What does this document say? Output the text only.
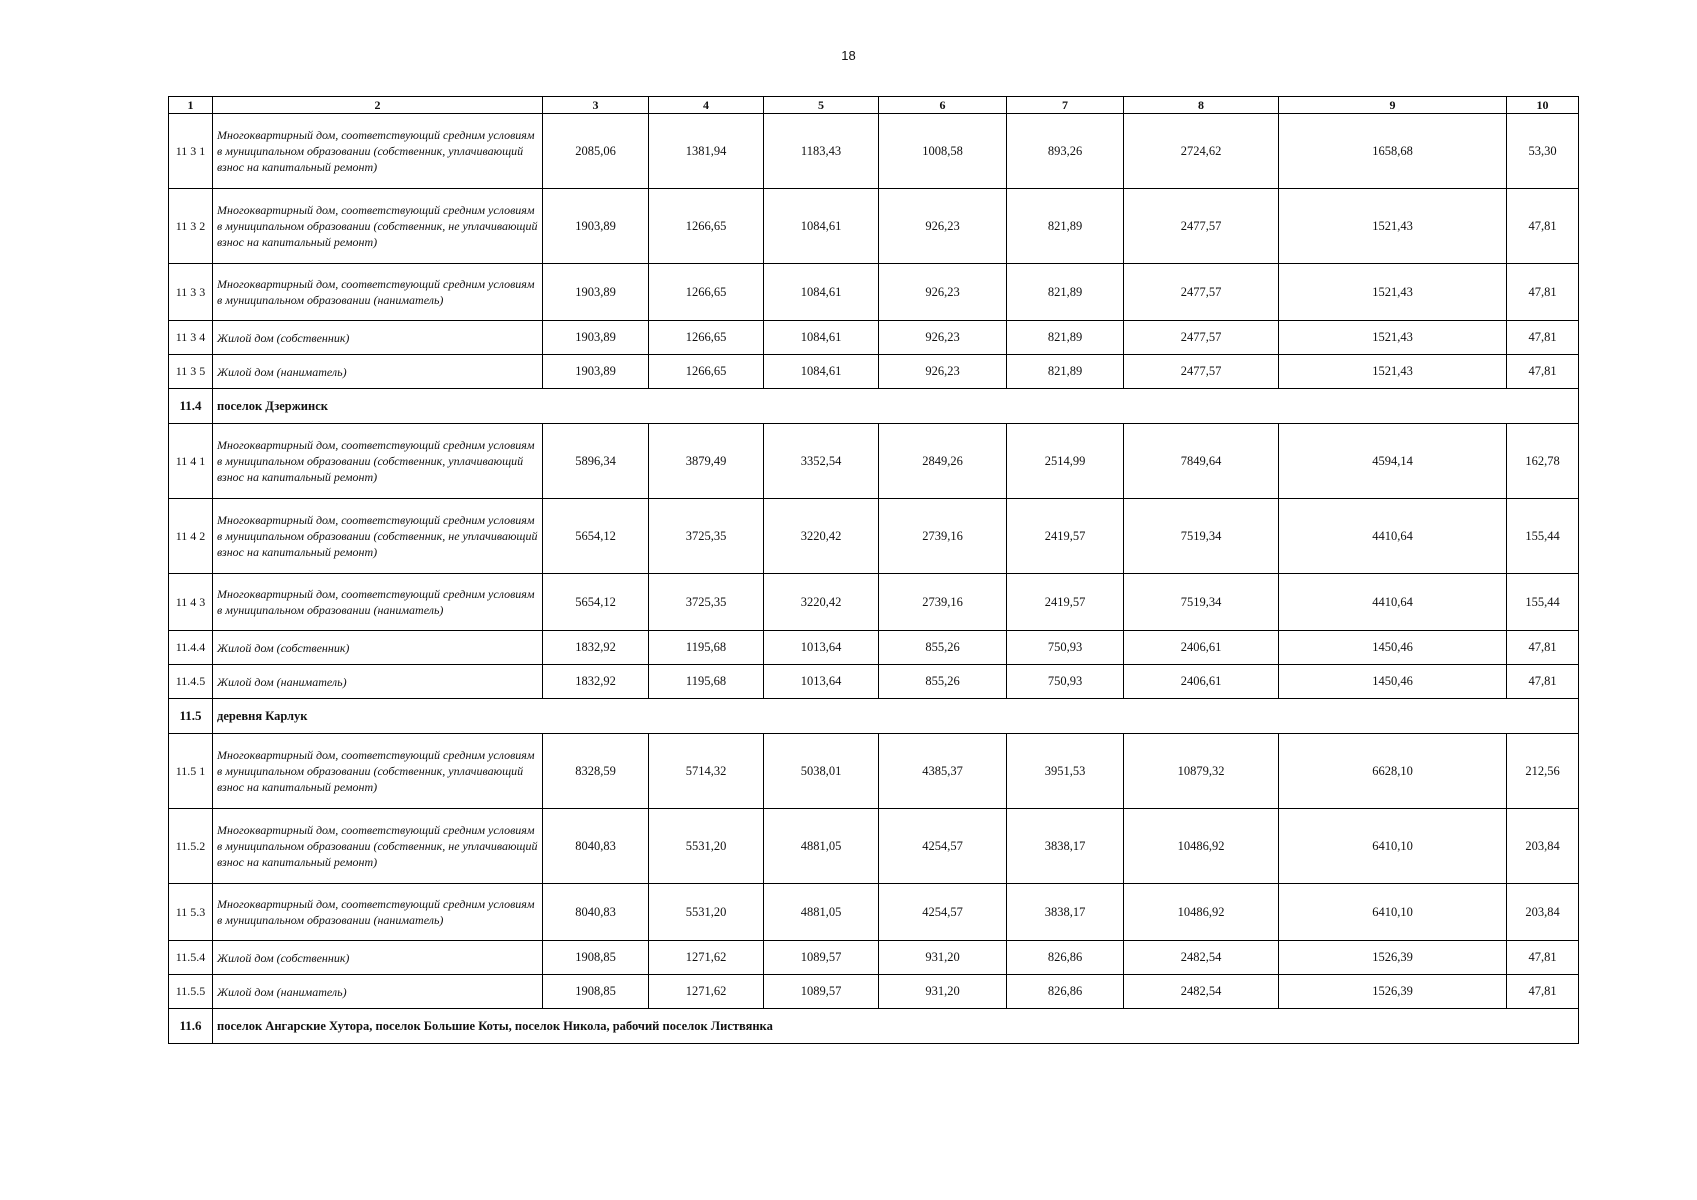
18
1	2	3	4	5	6	7	8	9	10
11 3 1	Многоквартирный дом, соответствующий средним условиям в муниципальном образовании (собственник, уплачивающий взнос на капитальный ремонт)	2085,06	1381,94	1183,43	1008,58	893,26	2724,62	1658,68	53,30
11 3 2	Многоквартирный дом, соответствующий средним условиям в муниципальном образовании (собственник, не уплачивающий взнос на капитальный ремонт)	1903,89	1266,65	1084,61	926,23	821,89	2477,57	1521,43	47,81
11 3 3	Многоквартирный дом, соответствующий средним условиям в муниципальном образовании (наниматель)	1903,89	1266,65	1084,61	926,23	821,89	2477,57	1521,43	47,81
11 3 4	Жилой дом (собственник)	1903,89	1266,65	1084,61	926,23	821,89	2477,57	1521,43	47,81
11 3 5	Жилой дом (наниматель)	1903,89	1266,65	1084,61	926,23	821,89	2477,57	1521,43	47,81
11.4	поселок Дзержинск								
11 4 1	Многоквартирный дом, соответствующий средним условиям в муниципальном образовании (собственник, уплачивающий взнос на капитальный ремонт)	5896,34	3879,49	3352,54	2849,26	2514,99	7849,64	4594,14	162,78
11 4 2	Многоквартирный дом, соответствующий средним условиям в муниципальном образовании (собственник, не уплачивающий взнос на капитальный ремонт)	5654,12	3725,35	3220,42	2739,16	2419,57	7519,34	4410,64	155,44
11 4 3	Многоквартирный дом, соответствующий средним условиям в муниципальном образовании (наниматель)	5654,12	3725,35	3220,42	2739,16	2419,57	7519,34	4410,64	155,44
11.4.4	Жилой дом (собственник)	1832,92	1195,68	1013,64	855,26	750,93	2406,61	1450,46	47,81
11.4.5	Жилой дом (наниматель)	1832,92	1195,68	1013,64	855,26	750,93	2406,61	1450,46	47,81
11.5	деревня Карлук								
11.5 1	Многоквартирный дом, соответствующий средним условиям в муниципальном образовании (собственник, уплачивающий взнос на капитальный ремонт)	8328,59	5714,32	5038,01	4385,37	3951,53	10879,32	6628,10	212,56
11.5.2	Многоквартирный дом, соответствующий средним условиям в муниципальном образовании (собственник, не уплачивающий взнос на капитальный ремонт)	8040,83	5531,20	4881,05	4254,57	3838,17	10486,92	6410,10	203,84
11 5.3	Многоквартирный дом, соответствующий средним условиям в муниципальном образовании (наниматель)	8040,83	5531,20	4881,05	4254,57	3838,17	10486,92	6410,10	203,84
11.5.4	Жилой дом (собственник)	1908,85	1271,62	1089,57	931,20	826,86	2482,54	1526,39	47,81
11.5.5	Жилой дом (наниматель)	1908,85	1271,62	1089,57	931,20	826,86	2482,54	1526,39	47,81
11.6	поселок Ангарские Хутора, поселок Большие Коты, поселок Никола, рабочий поселок Листвянка								
